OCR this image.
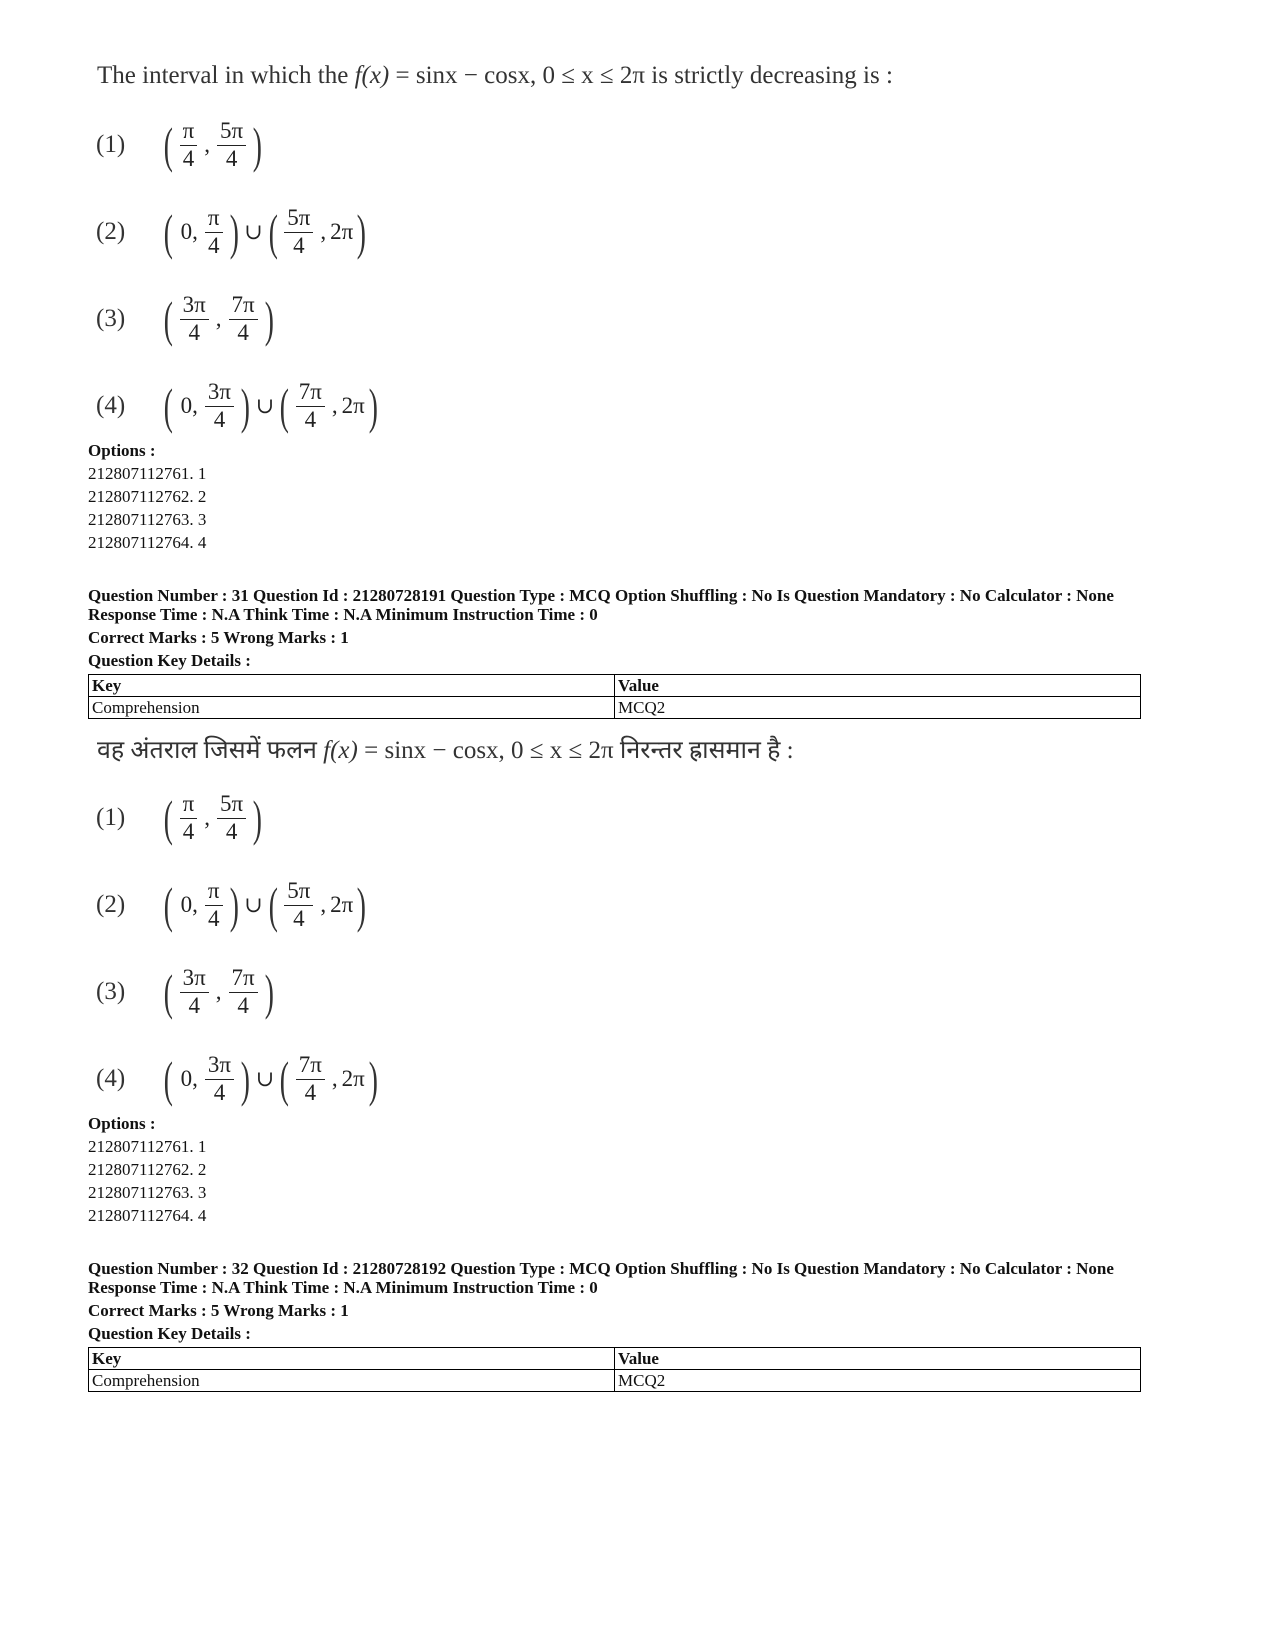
The interval in which the f(x) = sinx − cosx, 0 ≤ x ≤ 2π is strictly decreasing is :
(1) ( $\frac{\pi}{4}$ , $\frac{5\pi}{4}$ )
(2) ( 0, $\frac{\pi}{4}$ ) ∪ ( $\frac{5\pi}{4}$ , 2π )
(3) ( $\frac{3\pi}{4}$ , $\frac{7\pi}{4}$ )
(4) ( 0, $\frac{3\pi}{4}$ ) ∪ ( $\frac{7\pi}{4}$ , 2π )
Options :
212807112761. 1
212807112762. 2
212807112763. 3
212807112764. 4
Question Number : 31 Question Id : 21280728191 Question Type : MCQ Option Shuffling : No Is Question Mandatory : No Calculator : None
Response Time : N.A Think Time : N.A Minimum Instruction Time : 0
Correct Marks : 5 Wrong Marks : 1
Question Key Details :
Key	Value
Comprehension	MCQ2
वह अंतराल जिसमें फलन f(x) = sinx − cosx, 0 ≤ x ≤ 2π निरन्तर ह्रासमान है :
(1) ( $\frac{\pi}{4}$ , $\frac{5\pi}{4}$ )
(2) ( 0, $\frac{\pi}{4}$ ) ∪ ( $\frac{5\pi}{4}$ , 2π )
(3) ( $\frac{3\pi}{4}$ , $\frac{7\pi}{4}$ )
(4) ( 0, $\frac{3\pi}{4}$ ) ∪ ( $\frac{7\pi}{4}$ , 2π )
Options :
212807112761. 1
212807112762. 2
212807112763. 3
212807112764. 4
Question Number : 32 Question Id : 21280728192 Question Type : MCQ Option Shuffling : No Is Question Mandatory : No Calculator : None
Response Time : N.A Think Time : N.A Minimum Instruction Time : 0
Correct Marks : 5 Wrong Marks : 1
Question Key Details :
Key	Value
Comprehension	MCQ2
